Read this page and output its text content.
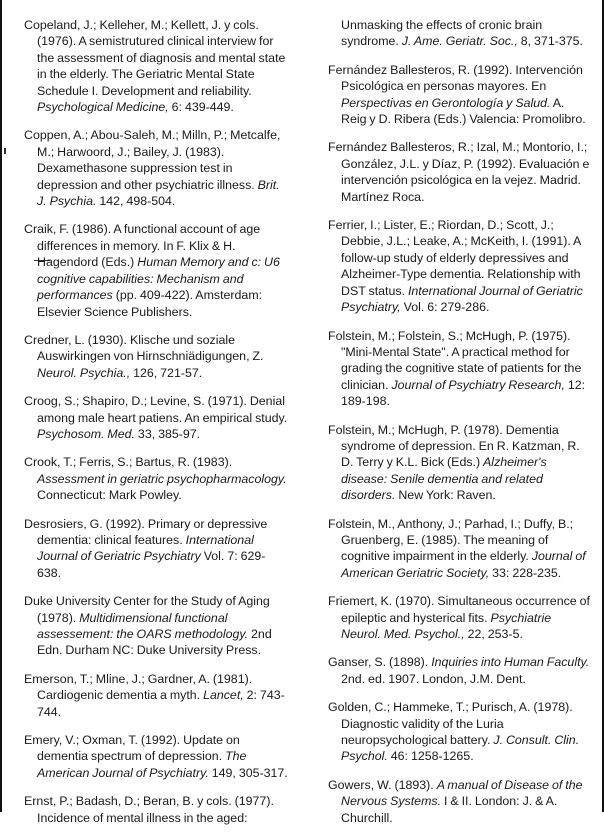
Copeland, J.; Kelleher, M.; Kellett, J. y cols. (1976). A semistrutured clinical interview for the assessment of diagnosis and mental state in the elderly. The Geriatric Mental State Schedule I. Development and reliability. Psychological Medicine, 6: 439-449.

Coppen, A.; Abou-Saleh, M.; Milln, P.; Metcalfe, M.; Harwoord, J.; Bailey, J. (1983). Dexamethasone suppression test in depression and other psychiatric illness. Brit. J. Psychia. 142, 498-504.

Craik, F. (1986). A functional account of age differences in memory. In F. Klix & H. Hagendord (Eds.) Human Memory and c: U6 cognitive capabilities: Mechanism and performances (pp. 409-422). Amsterdam: Elsevier Science Publishers.

Credner, L. (1930). Klische und soziale Auswirkingen von Hirnschniädigungen, Z. Neurol. Psychia., 126, 721-57.

Croog, S.; Shapiro, D.; Levine, S. (1971). Denial among male heart patiens. An empirical study. Psychosom. Med. 33, 385-97.

Crook, T.; Ferris, S.; Bartus, R. (1983). Assessment in geriatric psychopharmacology. Connecticut: Mark Powley.

Desrosiers, G. (1992). Primary or depressive dementia: clinical features. International Journal of Geriatric Psychiatry Vol. 7: 629-638.

Duke University Center for the Study of Aging (1978). Multidimensional functional assessement: the OARS methodology. 2nd Edn. Durham NC: Duke University Press.

Emerson, T.; Mlinе, J.; Gardner, A. (1981). Cardiogenic dementia a myth. Lancet, 2: 743-744.

Emery, V.; Oxman, T. (1992). Update on dementia spectrum of depression. The American Journal of Psychiatry. 149, 305-317.

Ernst, P.; Badash, D.; Beran, B. y cols. (1977). Incidence of mental illness in the aged:

Unmasking the effects of cronic brain syndrome. J. Ame. Geriatr. Soc., 8, 371-375.

Fernández Ballesteros, R. (1992). Intervención Psicológica en personas mayores. En Perspectivas en Gerontología y Salud. A. Reig y D. Ribera (Eds.) Valencia: Promolibro.

Fernández Ballesteros, R.; Izal, M.; Montorio, I.; González, J.L. y Díaz, P. (1992). Evaluación e intervención psicológica en la vejez. Madrid. Martínez Roca.

Ferrier, I.; Lister, E.; Riordan, D.; Scott, J.; Debbie, J.L.; Leake, A.; McKeith, I. (1991). A follow-up study of elderly depressives and Alzheimer-Type dementia. Relationship with DST status. International Journal of Geriatric Psychiatry, Vol. 6: 279-286.

Folstein, M.; Folstein, S.; McHugh, P. (1975). "Mini-Mental State". A practical method for grading the cognitive state of patients for the clinician. Journal of Psychiatry Research, 12: 189-198.

Folstein, M.; McHugh, P. (1978). Dementia syndrome of depression. En R. Katzman, R. D. Terry y K.L. Bick (Eds.) Alzheimer's disease: Senile dementia and related disorders. New York: Raven.

Folstein, M., Anthony, J.; Parhad, I.; Duffy, B.; Gruenberg, E. (1985). The meaning of cognitive impairment in the elderly. Journal of American Geriatric Society, 33: 228-235.

Friemert, K. (1970). Simultaneous occurrence of epileptic and hysterical fits. Psychiatrie Neurol. Med. Psychol., 22, 253-5.

Ganser, S. (1898). Inquiries into Human Faculty. 2nd. ed. 1907. London, J.M. Dent.

Golden, C.; Hammeke, T.; Purisch, A. (1978). Diagnostic validity of the Luria neuropsychological battery. J. Consult. Clin. Psychol. 46: 1258-1265.

Gowers, W. (1893). A manual of Disease of the Nervous Systems. I & II. London: J. & A. Churchill.
